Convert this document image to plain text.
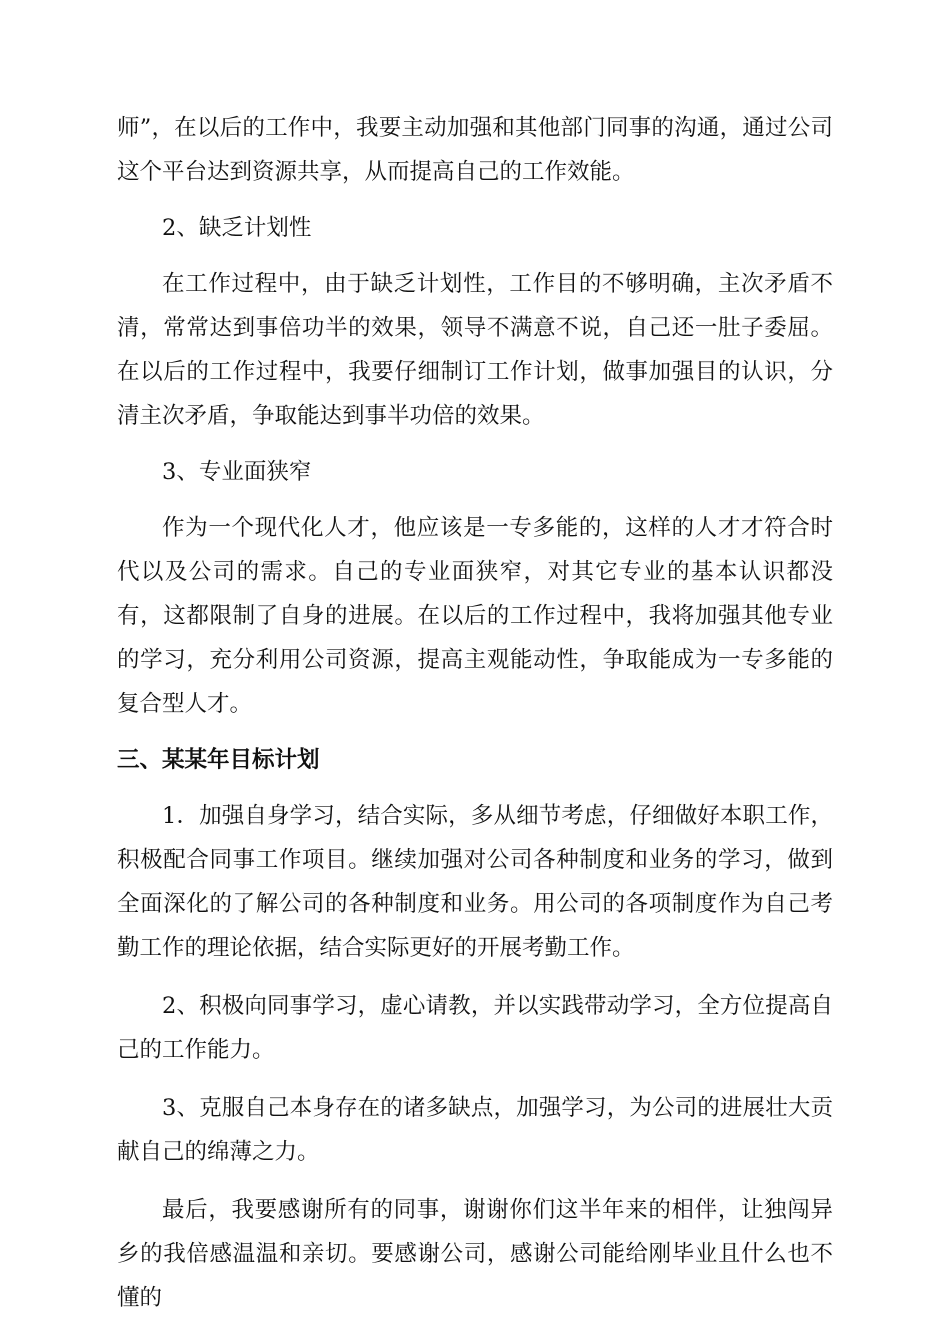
师”，在以后的工作中，我要主动加强和其他部门同事的沟通，通过公司这个平台达到资源共享，从而提高自己的工作效能。

2、缺乏计划性

在工作过程中，由于缺乏计划性，工作目的不够明确，主次矛盾不清，常常达到事倍功半的效果，领导不满意不说，自己还一肚子委屈。在以后的工作过程中，我要仔细制订工作计划，做事加强目的认识，分清主次矛盾，争取能达到事半功倍的效果。

3、专业面狭窄

作为一个现代化人才，他应该是一专多能的，这样的人才才符合时代以及公司的需求。自己的专业面狭窄，对其它专业的基本认识都没有，这都限制了自身的进展。在以后的工作过程中，我将加强其他专业的学习，充分利用公司资源，提高主观能动性，争取能成为一专多能的复合型人才。

三、某某年目标计划

1．加强自身学习，结合实际，多从细节考虑，仔细做好本职工作，积极配合同事工作项目。继续加强对公司各种制度和业务的学习，做到全面深化的了解公司的各种制度和业务。用公司的各项制度作为自己考勤工作的理论依据，结合实际更好的开展考勤工作。

2、积极向同事学习，虚心请教，并以实践带动学习，全方位提高自己的工作能力。

3、克服自己本身存在的诸多缺点，加强学习，为公司的进展壮大贡献自己的绵薄之力。

最后，我要感谢所有的同事，谢谢你们这半年来的相伴，让独闯异乡的我倍感温温和亲切。要感谢公司，感谢公司能给刚毕业且什么也不懂的
